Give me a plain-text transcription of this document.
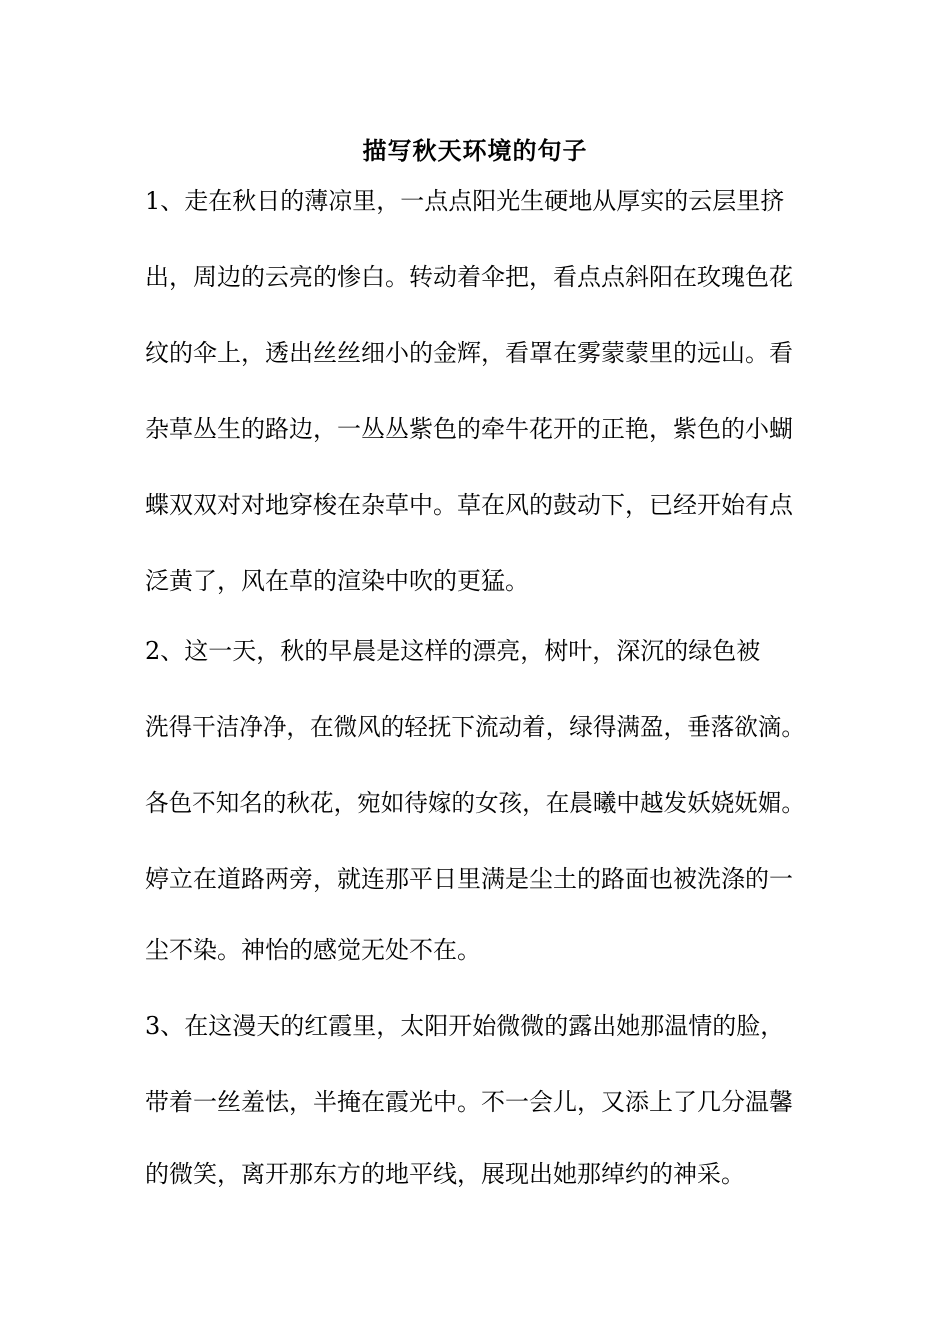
描写秋天环境的句子
1、走在秋日的薄凉里，一点点阳光生硬地从厚实的云层里挤
出，周边的云亮的惨白。转动着伞把，看点点斜阳在玫瑰色花
纹的伞上，透出丝丝细小的金辉，看罩在雾蒙蒙里的远山。看
杂草丛生的路边，一丛丛紫色的牵牛花开的正艳，紫色的小蝴
蝶双双对对地穿梭在杂草中。草在风的鼓动下，已经开始有点
泛黄了，风在草的渲染中吹的更猛。
2、这一天，秋的早晨是这样的漂亮，树叶，深沉的绿色被
洗得干洁净净，在微风的轻抚下流动着，绿得满盈，垂落欲滴。
各色不知名的秋花，宛如待嫁的女孩，在晨曦中越发妖娆妩媚。
婷立在道路两旁，就连那平日里满是尘土的路面也被洗涤的一
尘不染。神怡的感觉无处不在。
3、在这漫天的红霞里，太阳开始微微的露出她那温情的脸，
带着一丝羞怯，半掩在霞光中。不一会儿，又添上了几分温馨
的微笑，离开那东方的地平线，展现出她那绰约的神采。
